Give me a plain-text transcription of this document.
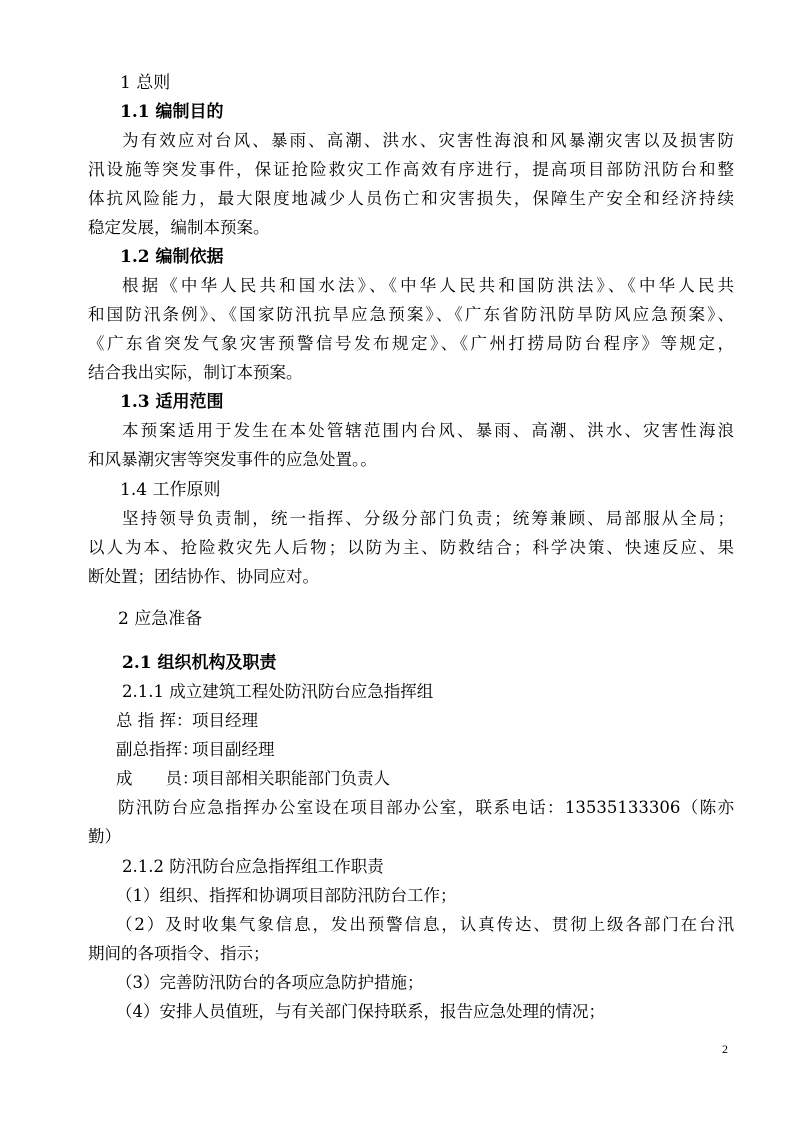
1 总则
1.1 编制目的
为有效应对台风、暴雨、高潮、洪水、灾害性海浪和风暴潮灾害以及损害防
汛设施等突发事件，保证抢险救灾工作高效有序进行，提高项目部防汛防台和整
体抗风险能力，最大限度地减少人员伤亡和灾害损失，保障生产安全和经济持续
稳定发展，编制本预案。
1.2 编制依据
根据《中华人民共和国水法》、《中华人民共和国防洪法》、《中华人民共
和国防汛条例》、《国家防汛抗旱应急预案》、《广东省防汛防旱防风应急预案》、
《广东省突发气象灾害预警信号发布规定》、《广州打捞局防台程序》等规定，
结合我出实际，制订本预案。
1.3 适用范围
本预案适用于发生在本处管辖范围内台风、暴雨、高潮、洪水、灾害性海浪
和风暴潮灾害等突发事件的应急处置。。
1.4 工作原则
坚持领导负责制，统一指挥、分级分部门负责；统筹兼顾、局部服从全局；
以人为本、抢险救灾先人后物；以防为主、防救结合；科学决策、快速反应、果
断处置；团结协作、协同应对。
2 应急准备
2.1 组织机构及职责
2.1.1 成立建筑工程处防汛防台应急指挥组
总 指 挥：项目经理
副总指挥：项目副经理
成　　员：项目部相关职能部门负责人
防汛防台应急指挥办公室设在项目部办公室，联系电话：13535133306（陈亦
勤）
2.1.2 防汛防台应急指挥组工作职责
（1）组织、指挥和协调项目部防汛防台工作；
（2）及时收集气象信息，发出预警信息，认真传达、贯彻上级各部门在台汛
期间的各项指令、指示；
（3）完善防汛防台的各项应急防护措施；
（4）安排人员值班，与有关部门保持联系，报告应急处理的情况；
2
